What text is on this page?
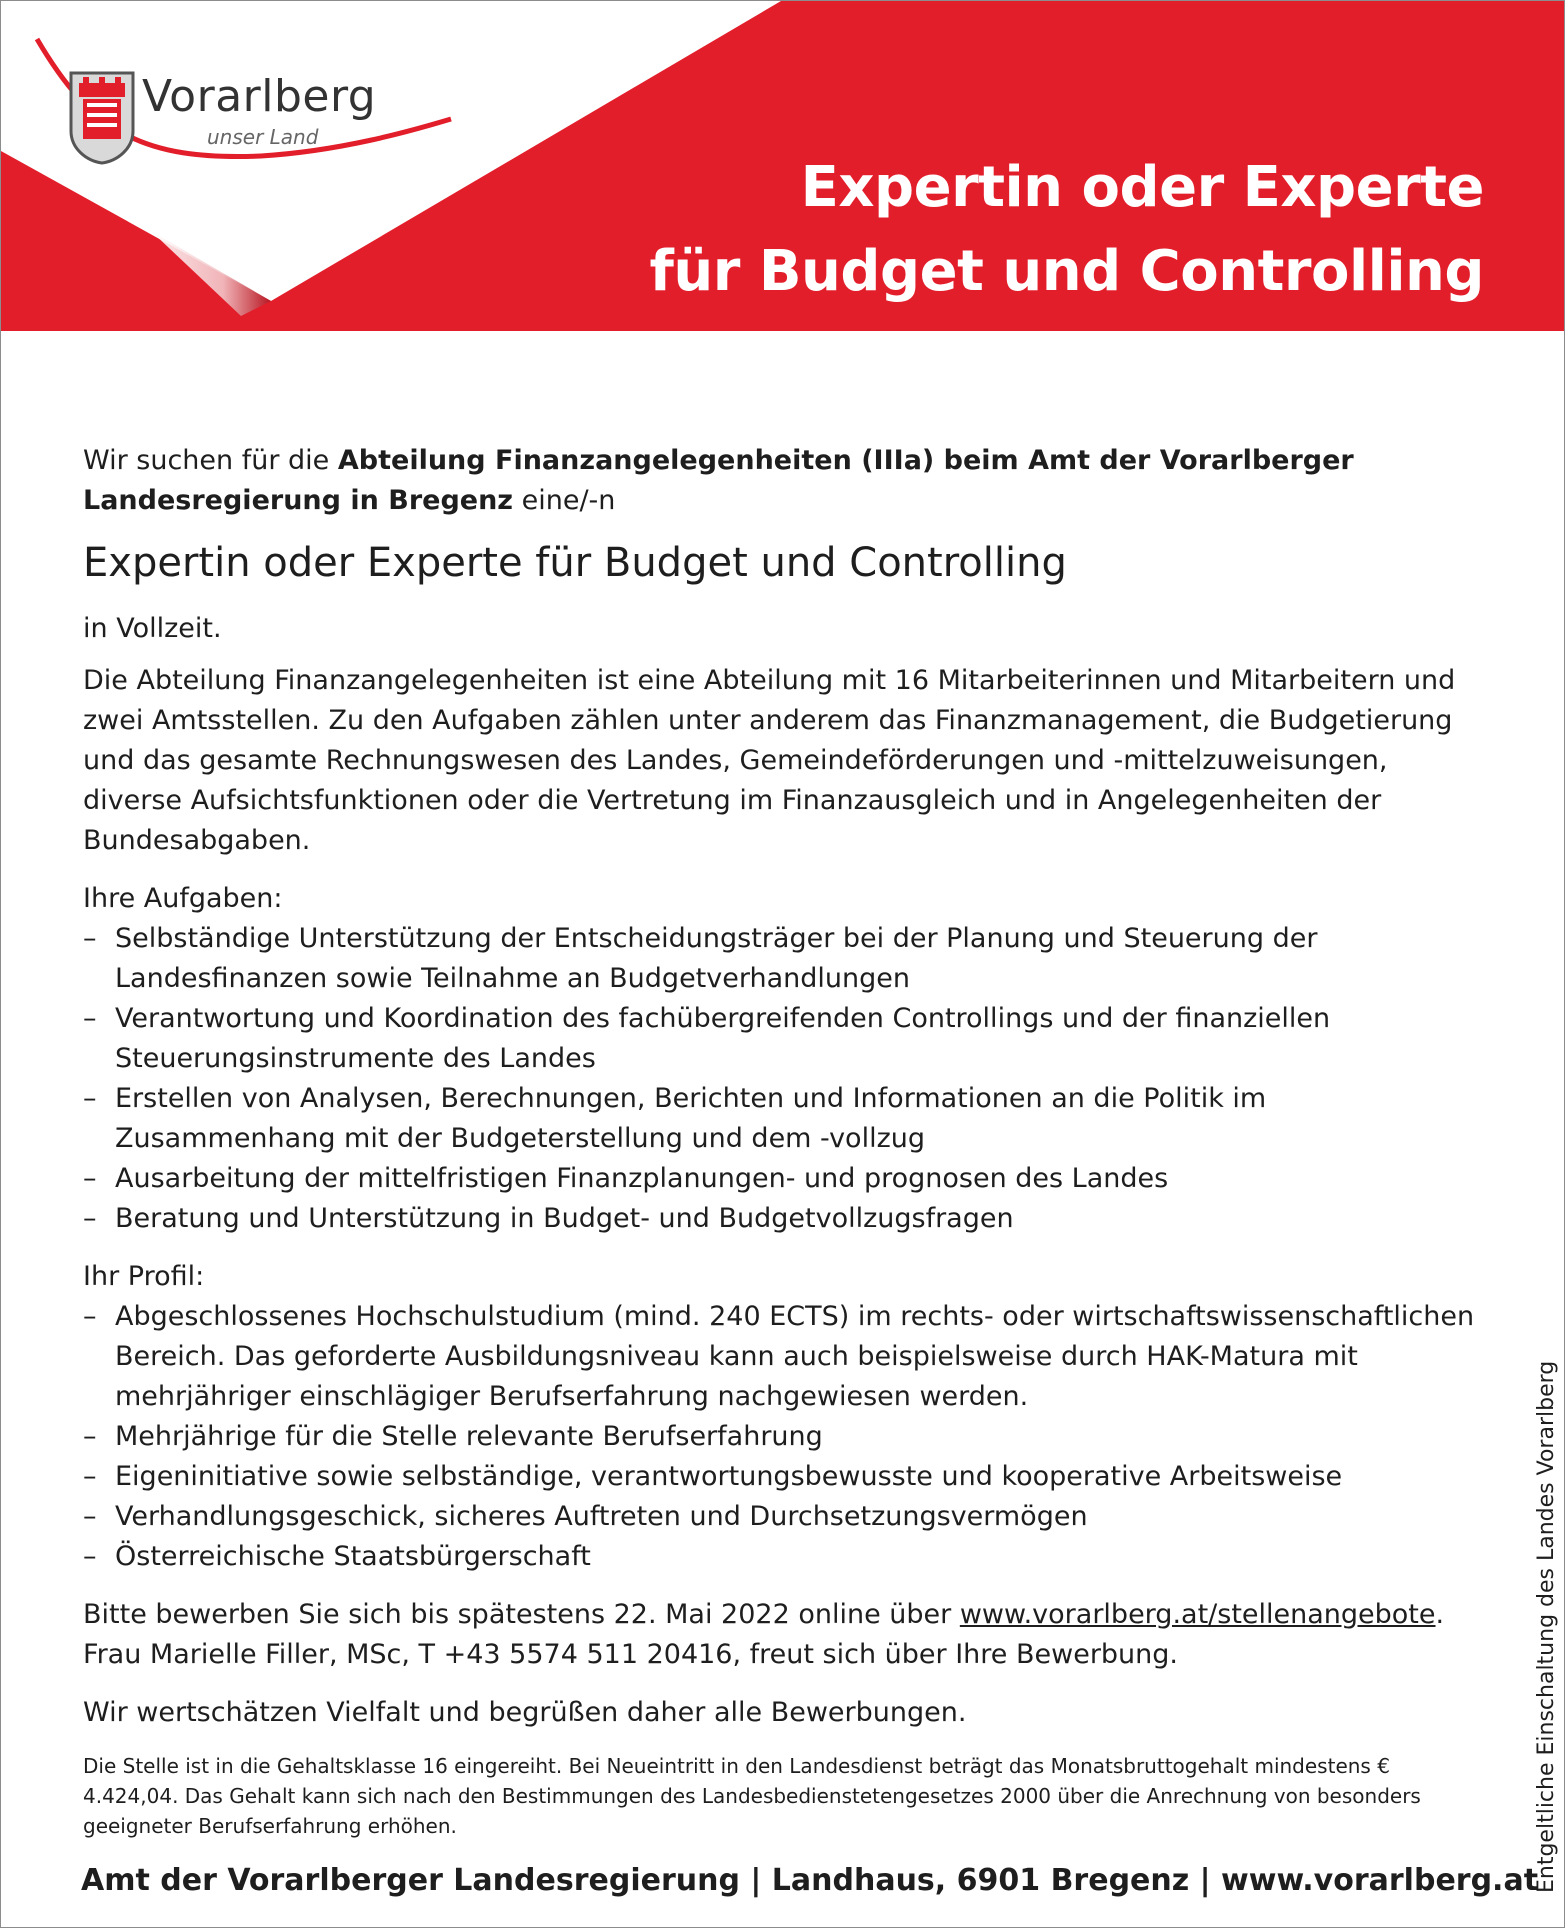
Vorarlberg
unser Land
Expertin oder Experte
für Budget und Controlling

Wir suchen für die Abteilung Finanzangelegenheiten (IIIa) beim Amt der Vorarlberger Landesregierung in Bregenz eine/-n

Expertin oder Experte für Budget und Controlling

in Vollzeit.

Die Abteilung Finanzangelegenheiten ist eine Abteilung mit 16 Mitarbeiterinnen und Mitarbeitern und zwei Amtsstellen. Zu den Aufgaben zählen unter anderem das Finanzmanagement, die Budgetierung und das gesamte Rechnungswesen des Landes, Gemeindeförderungen und -mittelzuweisungen, diverse Aufsichtsfunktionen oder die Vertretung im Finanzausgleich und in Angelegenheiten der Bundesabgaben.

Ihre Aufgaben:

– Selbständige Unterstützung der Entscheidungsträger bei der Planung und Steuerung der Landesfinanzen sowie Teilnahme an Budgetverhandlungen
– Verantwortung und Koordination des fachübergreifenden Controllings und der finanziellen Steuerungsinstrumente des Landes
– Erstellen von Analysen, Berechnungen, Berichten und Informationen an die Politik im Zusammenhang mit der Budgeterstellung und dem -vollzug
– Ausarbeitung der mittelfristigen Finanzplanungen- und prognosen des Landes
– Beratung und Unterstützung in Budget- und Budgetvollzugsfragen

Ihr Profil:

– Abgeschlossenes Hochschulstudium (mind. 240 ECTS) im rechts- oder wirtschaftswissenschaftlichen Bereich. Das geforderte Ausbildungsniveau kann auch beispielsweise durch HAK-Matura mit mehrjähriger einschlägiger Berufserfahrung nachgewiesen werden.
– Mehrjährige für die Stelle relevante Berufserfahrung
– Eigeninitiative sowie selbständige, verantwortungsbewusste und kooperative Arbeitsweise
– Verhandlungsgeschick, sicheres Auftreten und Durchsetzungsvermögen
– Österreichische Staatsbürgerschaft

Bitte bewerben Sie sich bis spätestens 22. Mai 2022 online über www.vorarlberg.at/stellenangebote.

Frau Marielle Filler, MSc, T +43 5574 511 20416, freut sich über Ihre Bewerbung.

Wir wertschätzen Vielfalt und begrüßen daher alle Bewerbungen.

Die Stelle ist in die Gehaltsklasse 16 eingereiht. Bei Neueintritt in den Landesdienst beträgt das Monatsbruttogehalt mindestens € 4.424,04. Das Gehalt kann sich nach den Bestimmungen des Landesbedienstetengesetzes 2000 über die Anrechnung von besonders geeigneter Berufserfahrung erhöhen.

Amt der Vorarlberger Landesregierung | Landhaus, 6901 Bregenz | www.vorarlberg.at
Entgeltliche Einschaltung des Landes Vorarlberg
